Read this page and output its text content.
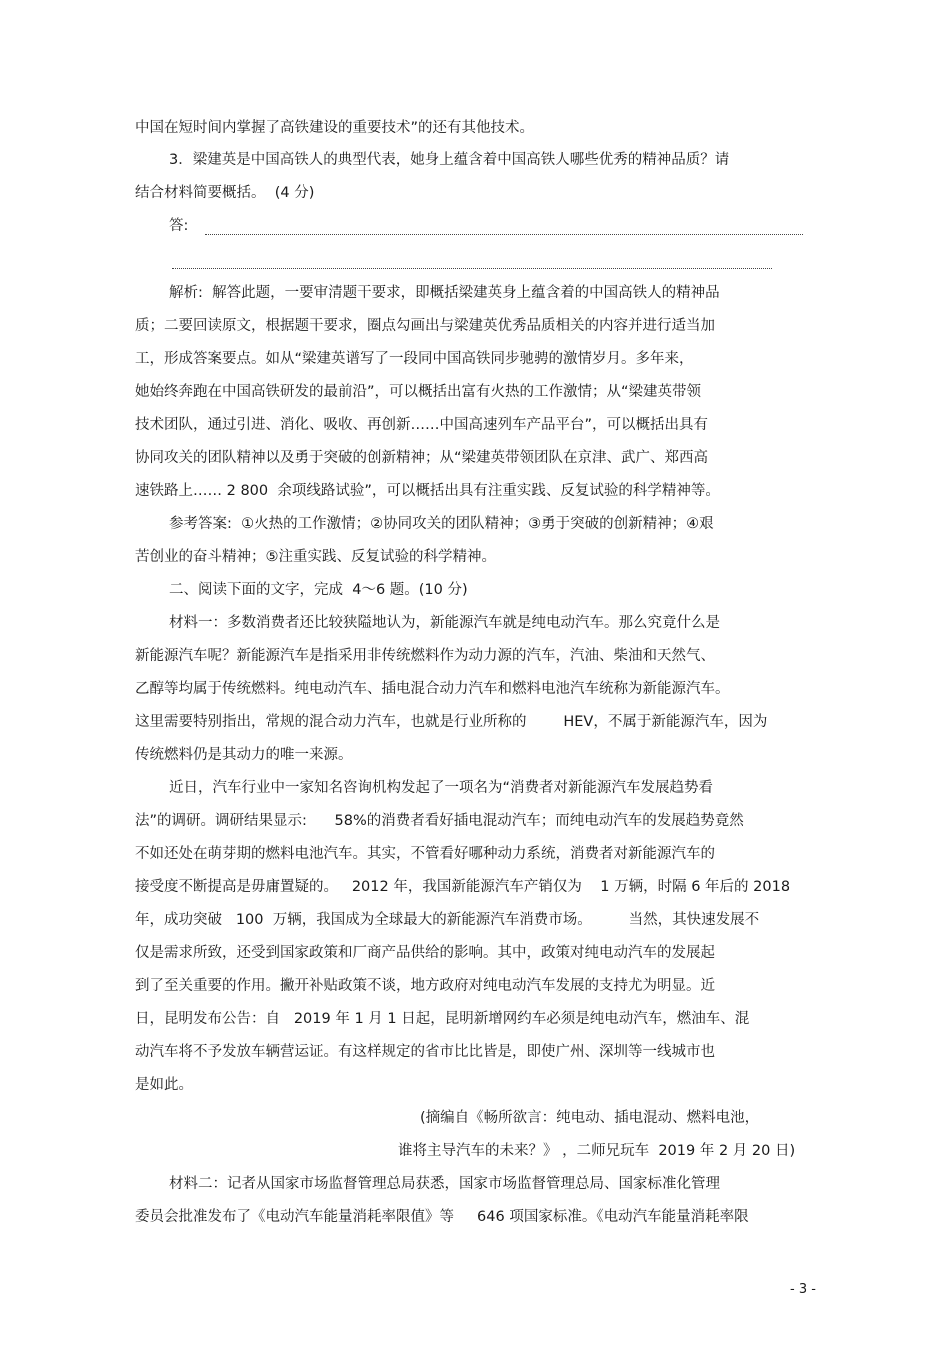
中国在短时间内掌握了高铁建设的重要技术”的还有其他技术。
3．梁建英是中国高铁人的典型代表，她身上蕴含着中国高铁人哪些优秀的精神品质？请
结合材料简要概括。  (4 分)
答:
解析:  解答此题，一要审清题干要求，即概括梁建英身上蕴含着的中国高铁人的精神品
质；二要回读原文，根据题干要求，圈点勾画出与梁建英优秀品质相关的内容并进行适当加
工，形成答案要点。如从“梁建英谱写了一段同中国高铁同步驰骋的激情岁月。多年来，
她始终奔跑在中国高铁研发的最前沿”，可以概括出富有火热的工作激情；从“梁建英带领
技术团队，通过引进、消化、吸收、再创新……中国高速列车产品平台”，可以概括出具有
协同攻关的团队精神以及勇于突破的创新精神；从“梁建英带领团队在京津、武广、郑西高
速铁路上…… 2 800  余项线路试验”，可以概括出具有注重实践、反复试验的科学精神等。
参考答案:  ①火热的工作激情；②协同攻关的团队精神；③勇于突破的创新精神；④艰
苦创业的奋斗精神；⑤注重实践、反复试验的科学精神。
二、阅读下面的文字，完成  4～6 题。(10 分)
材料一：多数消费者还比较狭隘地认为，新能源汽车就是纯电动汽车。那么究竟什么是
新能源汽车呢？新能源汽车是指采用非传统燃料作为动力源的汽车，汽油、柴油和天然气、
乙醇等均属于传统燃料。纯电动汽车、插电混合动力汽车和燃料电池汽车统称为新能源汽车。
这里需要特别指出，常规的混合动力汽车，也就是行业所称的        HEV，不属于新能源汽车，因为
传统燃料仍是其动力的唯一来源。
近日，汽车行业中一家知名咨询机构发起了一项名为“消费者对新能源汽车发展趋势看
法”的调研。调研结果显示:      58%的消费者看好插电混动汽车；而纯电动汽车的发展趋势竟然
不如还处在萌芽期的燃料电池汽车。其实，不管看好哪种动力系统，消费者对新能源汽车的
接受度不断提高是毋庸置疑的。   2012 年，我国新能源汽车产销仅为    1 万辆，时隔 6 年后的 2018
年，成功突破   100  万辆，我国成为全球最大的新能源汽车消费市场。        当然，其快速发展不
仅是需求所致，还受到国家政策和厂商产品供给的影响。其中，政策对纯电动汽车的发展起
到了至关重要的作用。撇开补贴政策不谈，地方政府对纯电动汽车发展的支持尤为明显。近
日，昆明发布公告：自   2019 年 1 月 1 日起，昆明新增网约车必须是纯电动汽车，燃油车、混
动汽车将不予发放车辆营运证。有这样规定的省市比比皆是，即使广州、深圳等一线城市也
是如此。
(摘编自《畅所欲言：纯电动、插电混动、燃料电池，
谁将主导汽车的未来？》 ，二师兄玩车  2019 年 2 月 20 日)
材料二：记者从国家市场监督管理总局获悉，国家市场监督管理总局、国家标准化管理
委员会批准发布了《电动汽车能量消耗率限值》等     646 项国家标准。《电动汽车能量消耗率限
- 3 -
